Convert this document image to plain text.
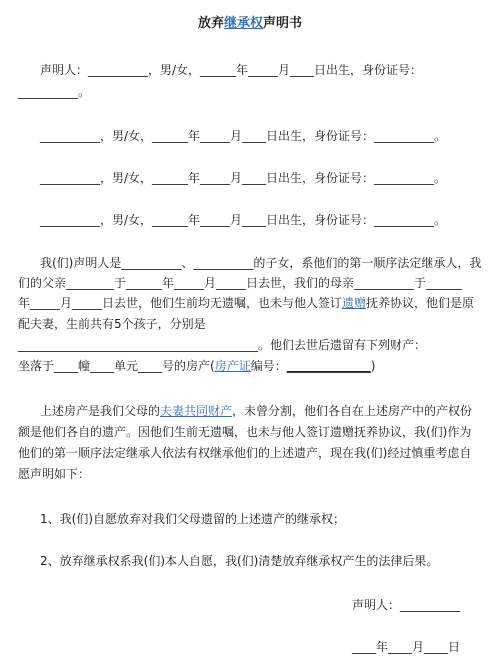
放弃继承权声明书
声明人：__________，男/女，______年_____月____日出生，身份证号：
__________。
__________，男/女，______年_____月____日出生，身份证号：__________。
__________，男/女，______年_____月____日出生，身份证号：__________。
__________，男/女，______年_____月____日出生，身份证号：__________。
我(们)声明人是__________、__________的子女，系他们的第一顺序法定继承人，我
们的父亲________于______年_____月_____日去世，我们的母亲__________于______
年_____月_____日去世，他们生前均无遗嘱，也未与他人签订遗赠抚养协议，他们是原
配夫妻，生前共有5个孩子，分别是
________________________________________。他们去世后遗留有下列财产：
坐落于____幢____单元____号的房产(房产证编号：______________)
上述房产是我们父母的夫妻共同财产，未曾分割，他们各自在上述房产中的产权份
额是他们各自的遗产。因他们生前无遗嘱，也未与他人签订遗赠抚养协议，我(们)作为
他们的第一顺序法定继承人依法有权继承他们的上述遗产，现在我(们)经过慎重考虑自
愿声明如下：
1、我(们)自愿放弃对我们父母遗留的上述遗产的继承权；
2、放弃继承权系我(们)本人自愿，我(们)清楚放弃继承权产生的法律后果。
声明人：__________
____年____月____日
